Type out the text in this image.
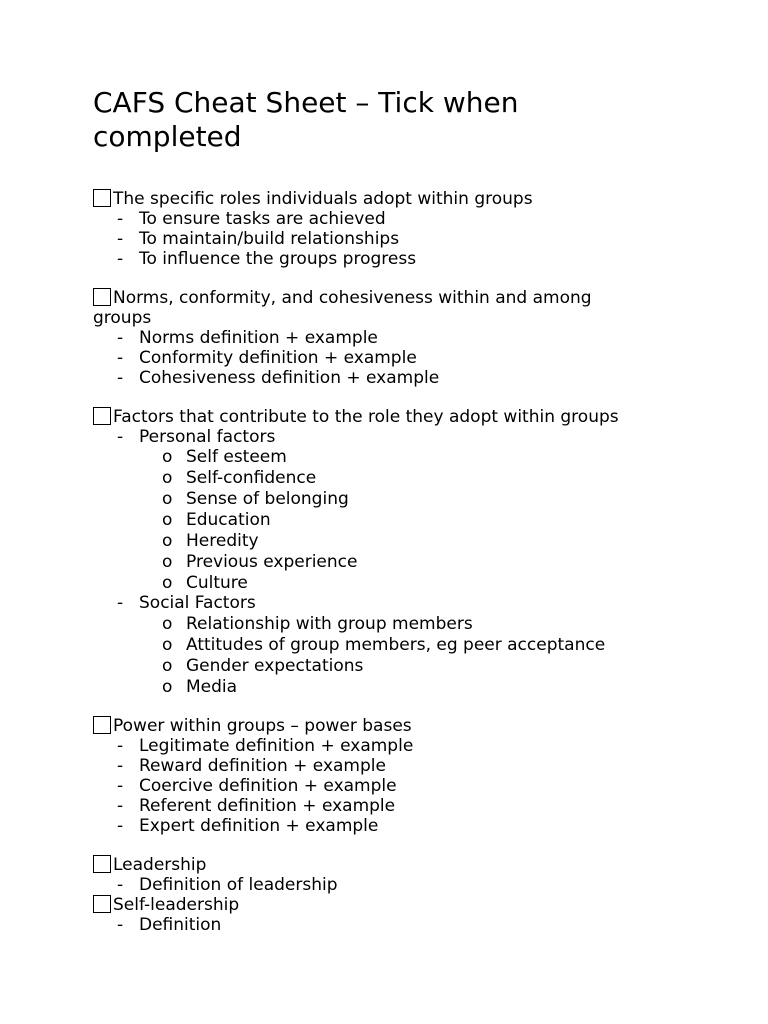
CAFS Cheat Sheet – Tick when completed
The specific roles individuals adopt within groups
- To ensure tasks are achieved
- To maintain/build relationships
- To influence the groups progress
Norms, conformity, and cohesiveness within and among
groups
- Norms definition + example
- Conformity definition + example
- Cohesiveness definition + example
Factors that contribute to the role they adopt within groups
- Personal factors
o Self esteem
o Self-confidence
o Sense of belonging
o Education
o Heredity
o Previous experience
o Culture
- Social Factors
o Relationship with group members
o Attitudes of group members, eg peer acceptance
o Gender expectations
o Media
Power within groups – power bases
- Legitimate definition + example
- Reward definition + example
- Coercive definition + example
- Referent definition + example
- Expert definition + example
Leadership
- Definition of leadership
Self-leadership
- Definition
